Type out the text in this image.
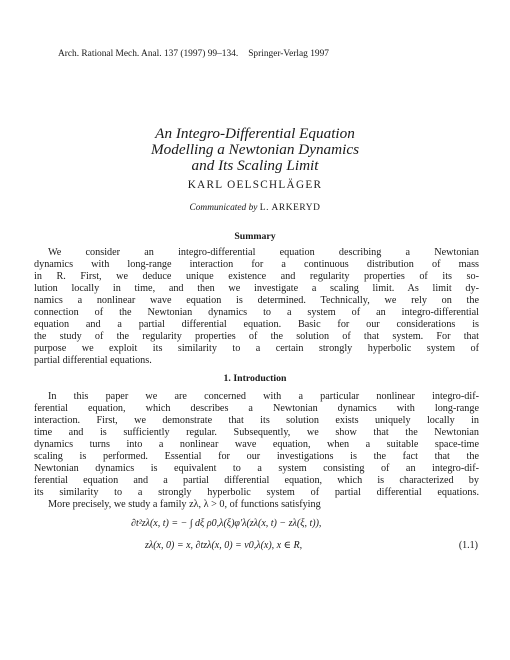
Arch. Rational Mech. Anal. 137 (1997) 99–134. Springer-Verlag 1997
An Integro-Differential Equation
Modelling a Newtonian Dynamics
and Its Scaling Limit
KARL OELSCHLÄGER
Communicated by L. ARKERYD
Summary
We consider an integro-differential equation describing a Newtonian
dynamics with long-range interaction for a continuous distribution of mass
in R. First, we deduce unique existence and regularity properties of its so-
lution locally in time, and then we investigate a scaling limit. As limit dy-
namics a nonlinear wave equation is determined. Technically, we rely on the
connection of the Newtonian dynamics to a system of an integro-differential
equation and a partial differential equation. Basic for our considerations is
the study of the regularity properties of the solution of that system. For that
purpose we exploit its similarity to a certain strongly hyperbolic system of
partial differential equations.
1. Introduction
In this paper we are concerned with a particular nonlinear integro-dif-
ferential equation, which describes a Newtonian dynamics with long-range
interaction. First, we demonstrate that its solution exists uniquely locally in
time and is sufficiently regular. Subsequently, we show that the Newtonian
dynamics turns into a nonlinear wave equation, when a suitable space-time
scaling is performed. Essential for our investigations is the fact that the
Newtonian dynamics is equivalent to a system consisting of an integro-dif-
ferential equation and a partial differential equation, which is characterized by
its similarity to a strongly hyperbolic system of partial differential equations.
More precisely, we study a family zλ, λ > 0, of functions satisfying
∂t²zλ(x, t) = − ∫ dξ ρ0,λ(ξ)φ′λ(zλ(x, t) − zλ(ξ, t)),
zλ(x, 0) = x, ∂tzλ(x, 0) = v0,λ(x), x ∈ R,	(1.1)
